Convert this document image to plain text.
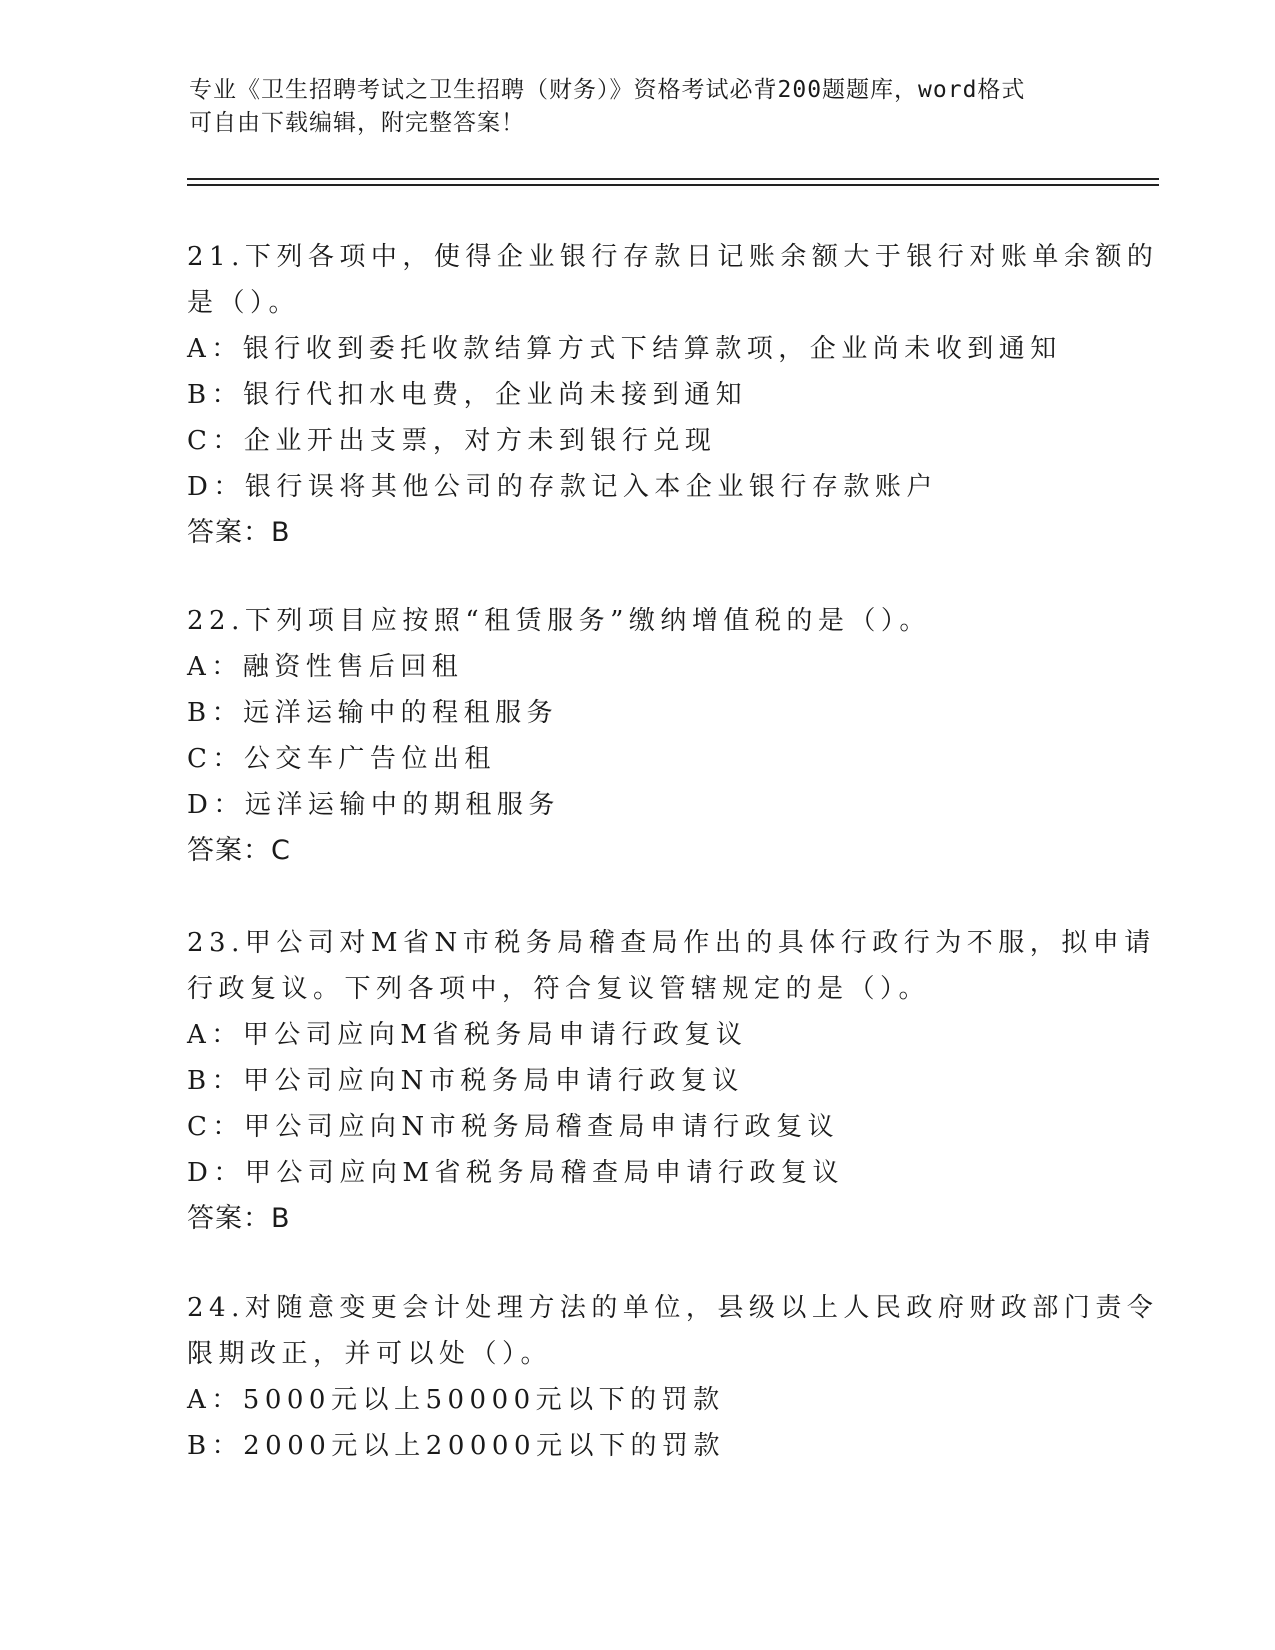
专业《卫生招聘考试之卫生招聘（财务）》资格考试必背200题题库，word格式
可自由下载编辑，附完整答案！
21.下列各项中，使得企业银行存款日记账余额大于银行对账单余额的
是（）。
A：银行收到委托收款结算方式下结算款项，企业尚未收到通知
B：银行代扣水电费，企业尚未接到通知
C：企业开出支票，对方未到银行兑现
D：银行误将其他公司的存款记入本企业银行存款账户
答案：B
22.下列项目应按照“租赁服务”缴纳增值税的是（）。
A：融资性售后回租
B：远洋运输中的程租服务
C：公交车广告位出租
D：远洋运输中的期租服务
答案：C
23.甲公司对M省N市税务局稽查局作出的具体行政行为不服，拟申请
行政复议。下列各项中，符合复议管辖规定的是（）。
A：甲公司应向M省税务局申请行政复议
B：甲公司应向N市税务局申请行政复议
C：甲公司应向N市税务局稽查局申请行政复议
D：甲公司应向M省税务局稽查局申请行政复议
答案：B
24.对随意变更会计处理方法的单位，县级以上人民政府财政部门责令
限期改正，并可以处（）。
A：5000元以上50000元以下的罚款
B：2000元以上20000元以下的罚款
